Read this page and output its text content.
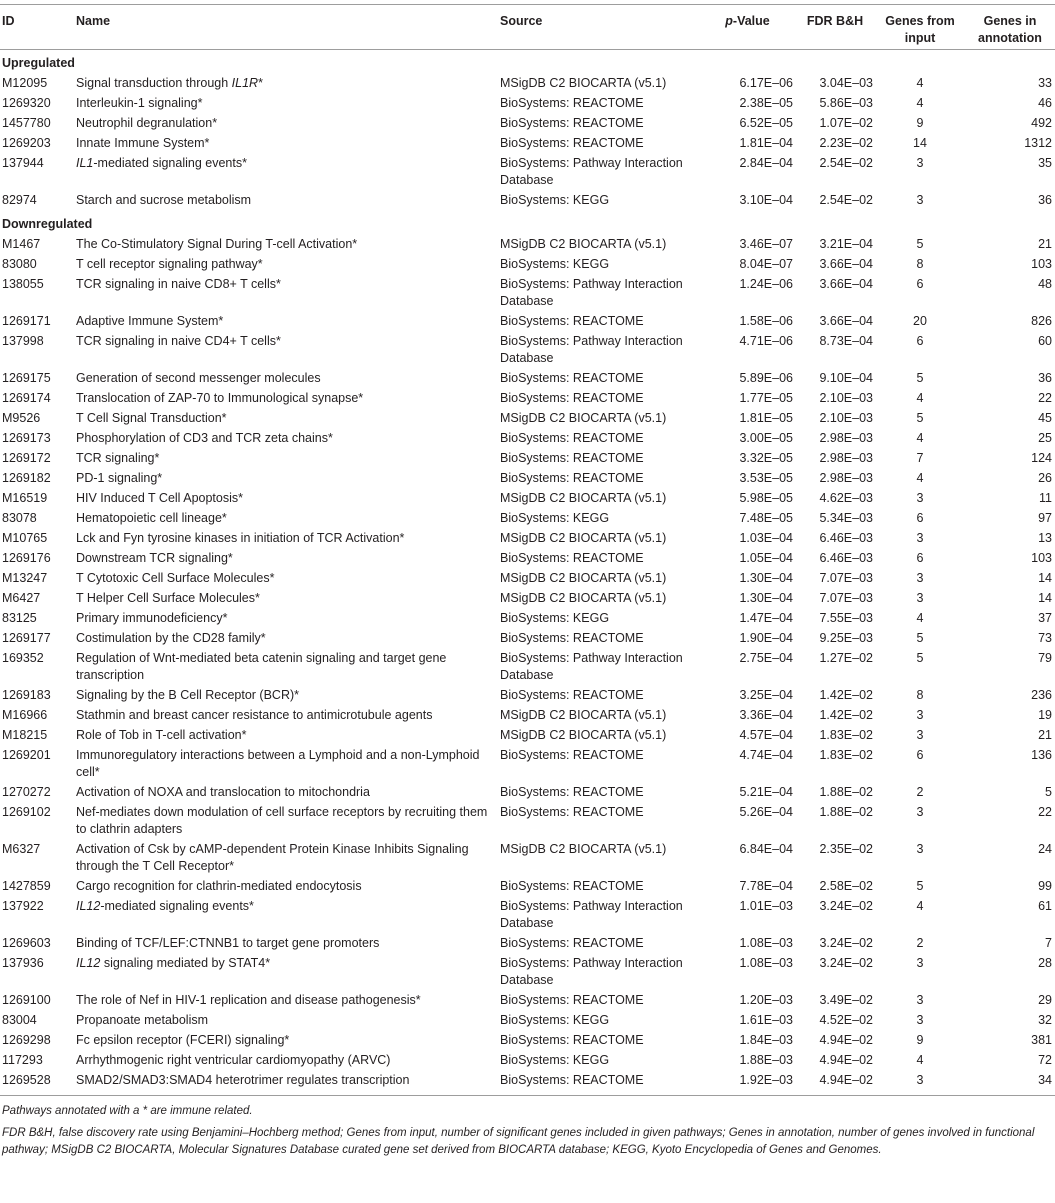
ID	Name	Source	p-Value	FDR B&H	Genes from input	Genes in annotation
Upregulated						
M12095	Signal transduction through IL1R*	MSigDB C2 BIOCARTA (v5.1)	6.17E–06	3.04E–03	4	33
1269320	Interleukin-1 signaling*	BioSystems: REACTOME	2.38E–05	5.86E–03	4	46
1457780	Neutrophil degranulation*	BioSystems: REACTOME	6.52E–05	1.07E–02	9	492
1269203	Innate Immune System*	BioSystems: REACTOME	1.81E–04	2.23E–02	14	1312
137944	IL1-mediated signaling events*	BioSystems: Pathway Interaction Database	2.84E–04	2.54E–02	3	35
82974	Starch and sucrose metabolism	BioSystems: KEGG	3.10E–04	2.54E–02	3	36
Downregulated						
M1467	The Co-Stimulatory Signal During T-cell Activation*	MSigDB C2 BIOCARTA (v5.1)	3.46E–07	3.21E–04	5	21
83080	T cell receptor signaling pathway*	BioSystems: KEGG	8.04E–07	3.66E–04	8	103
138055	TCR signaling in naive CD8+ T cells*	BioSystems: Pathway Interaction Database	1.24E–06	3.66E–04	6	48
1269171	Adaptive Immune System*	BioSystems: REACTOME	1.58E–06	3.66E–04	20	826
137998	TCR signaling in naive CD4+ T cells*	BioSystems: Pathway Interaction Database	4.71E–06	8.73E–04	6	60
1269175	Generation of second messenger molecules	BioSystems: REACTOME	5.89E–06	9.10E–04	5	36
1269174	Translocation of ZAP-70 to Immunological synapse*	BioSystems: REACTOME	1.77E–05	2.10E–03	4	22
M9526	T Cell Signal Transduction*	MSigDB C2 BIOCARTA (v5.1)	1.81E–05	2.10E–03	5	45
1269173	Phosphorylation of CD3 and TCR zeta chains*	BioSystems: REACTOME	3.00E–05	2.98E–03	4	25
1269172	TCR signaling*	BioSystems: REACTOME	3.32E–05	2.98E–03	7	124
1269182	PD-1 signaling*	BioSystems: REACTOME	3.53E–05	2.98E–03	4	26
M16519	HIV Induced T Cell Apoptosis*	MSigDB C2 BIOCARTA (v5.1)	5.98E–05	4.62E–03	3	11
83078	Hematopoietic cell lineage*	BioSystems: KEGG	7.48E–05	5.34E–03	6	97
M10765	Lck and Fyn tyrosine kinases in initiation of TCR Activation*	MSigDB C2 BIOCARTA (v5.1)	1.03E–04	6.46E–03	3	13
1269176	Downstream TCR signaling*	BioSystems: REACTOME	1.05E–04	6.46E–03	6	103
M13247	T Cytotoxic Cell Surface Molecules*	MSigDB C2 BIOCARTA (v5.1)	1.30E–04	7.07E–03	3	14
M6427	T Helper Cell Surface Molecules*	MSigDB C2 BIOCARTA (v5.1)	1.30E–04	7.07E–03	3	14
83125	Primary immunodeficiency*	BioSystems: KEGG	1.47E–04	7.55E–03	4	37
1269177	Costimulation by the CD28 family*	BioSystems: REACTOME	1.90E–04	9.25E–03	5	73
169352	Regulation of Wnt-mediated beta catenin signaling and target gene transcription	BioSystems: Pathway Interaction Database	2.75E–04	1.27E–02	5	79
1269183	Signaling by the B Cell Receptor (BCR)*	BioSystems: REACTOME	3.25E–04	1.42E–02	8	236
M16966	Stathmin and breast cancer resistance to antimicrotubule agents	MSigDB C2 BIOCARTA (v5.1)	3.36E–04	1.42E–02	3	19
M18215	Role of Tob in T-cell activation*	MSigDB C2 BIOCARTA (v5.1)	4.57E–04	1.83E–02	3	21
1269201	Immunoregulatory interactions between a Lymphoid and a non-Lymphoid cell*	BioSystems: REACTOME	4.74E–04	1.83E–02	6	136
1270272	Activation of NOXA and translocation to mitochondria	BioSystems: REACTOME	5.21E–04	1.88E–02	2	5
1269102	Nef-mediates down modulation of cell surface receptors by recruiting them to clathrin adapters	BioSystems: REACTOME	5.26E–04	1.88E–02	3	22
M6327	Activation of Csk by cAMP-dependent Protein Kinase Inhibits Signaling through the T Cell Receptor*	MSigDB C2 BIOCARTA (v5.1)	6.84E–04	2.35E–02	3	24
1427859	Cargo recognition for clathrin-mediated endocytosis	BioSystems: REACTOME	7.78E–04	2.58E–02	5	99
137922	IL12-mediated signaling events*	BioSystems: Pathway Interaction Database	1.01E–03	3.24E–02	4	61
1269603	Binding of TCF/LEF:CTNNB1 to target gene promoters	BioSystems: REACTOME	1.08E–03	3.24E–02	2	7
137936	IL12 signaling mediated by STAT4*	BioSystems: Pathway Interaction Database	1.08E–03	3.24E–02	3	28
1269100	The role of Nef in HIV-1 replication and disease pathogenesis*	BioSystems: REACTOME	1.20E–03	3.49E–02	3	29
83004	Propanoate metabolism	BioSystems: KEGG	1.61E–03	4.52E–02	3	32
1269298	Fc epsilon receptor (FCERI) signaling*	BioSystems: REACTOME	1.84E–03	4.94E–02	9	381
117293	Arrhythmogenic right ventricular cardiomyopathy (ARVC)	BioSystems: KEGG	1.88E–03	4.94E–02	4	72
1269528	SMAD2/SMAD3:SMAD4 heterotrimer regulates transcription	BioSystems: REACTOME	1.92E–03	4.94E–02	3	34

Pathways annotated with a * are immune related.

FDR B&H, false discovery rate using Benjamini–Hochberg method; Genes from input, number of significant genes included in given pathways; Genes in annotation, number of genes involved in functional pathway; MSigDB C2 BIOCARTA, Molecular Signatures Database curated gene set derived from BIOCARTA database; KEGG, Kyoto Encyclopedia of Genes and Genomes.
